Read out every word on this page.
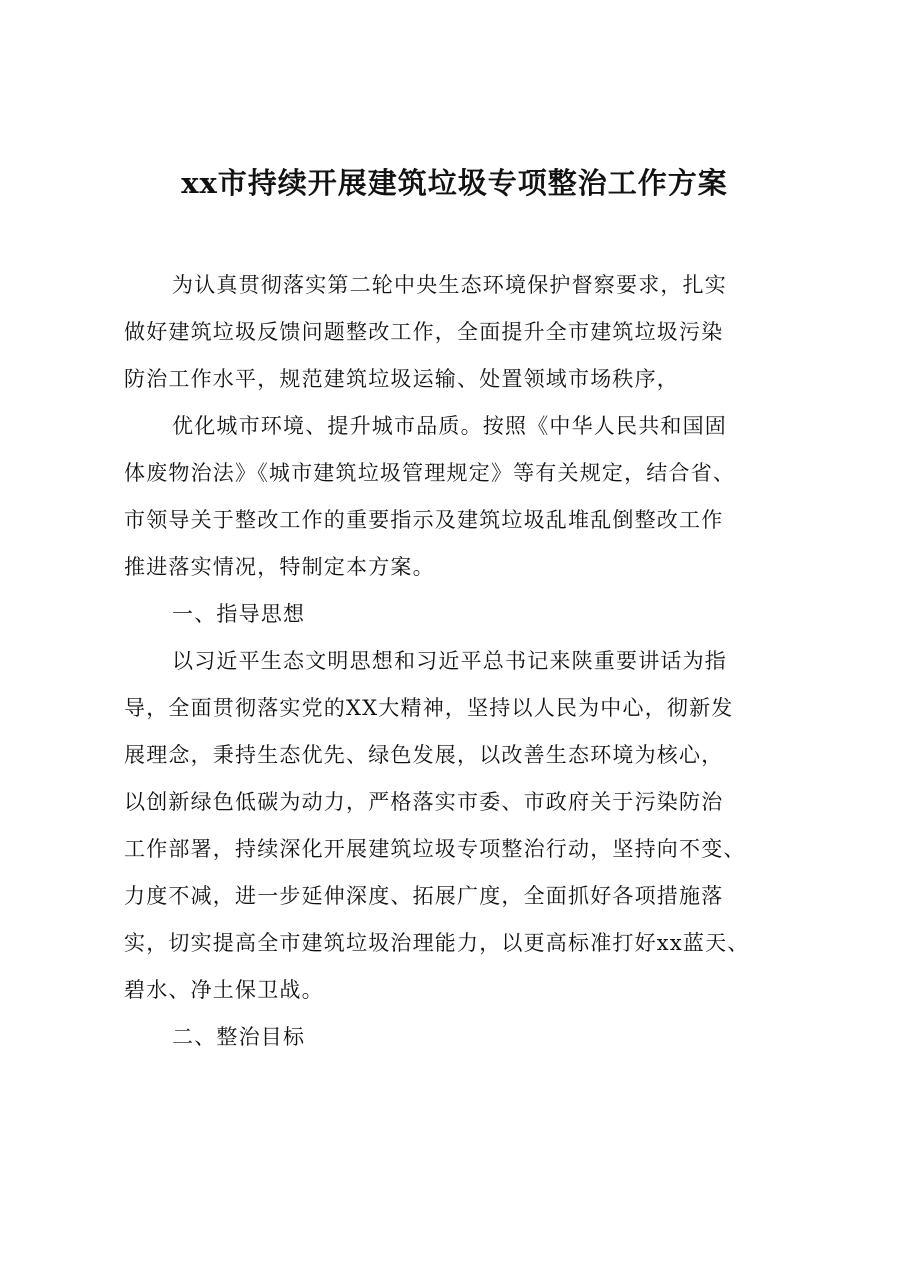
xx市持续开展建筑垃圾专项整治工作方案
为认真贯彻落实第二轮中央生态环境保护督察要求，扎实
做好建筑垃圾反馈问题整改工作，全面提升全市建筑垃圾污染
防治工作水平，规范建筑垃圾运输、处置领域市场秩序，
优化城市环境、提升城市品质。按照《中华人民共和国固
体废物治法》《城市建筑垃圾管理规定》等有关规定，结合省、
市领导关于整改工作的重要指示及建筑垃圾乱堆乱倒整改工作
推进落实情况，特制定本方案。
一、指导思想
以习近平生态文明思想和习近平总书记来陕重要讲话为指
导，全面贯彻落实党的XX大精神，坚持以人民为中心，彻新发
展理念，秉持生态优先、绿色发展，以改善生态环境为核心，
以创新绿色低碳为动力，严格落实市委、市政府关于污染防治
工作部署，持续深化开展建筑垃圾专项整治行动，坚持向不变、
力度不减，进一步延伸深度、拓展广度，全面抓好各项措施落
实，切实提高全市建筑垃圾治理能力，以更高标准打好xx蓝天、
碧水、净土保卫战。
二、整治目标
